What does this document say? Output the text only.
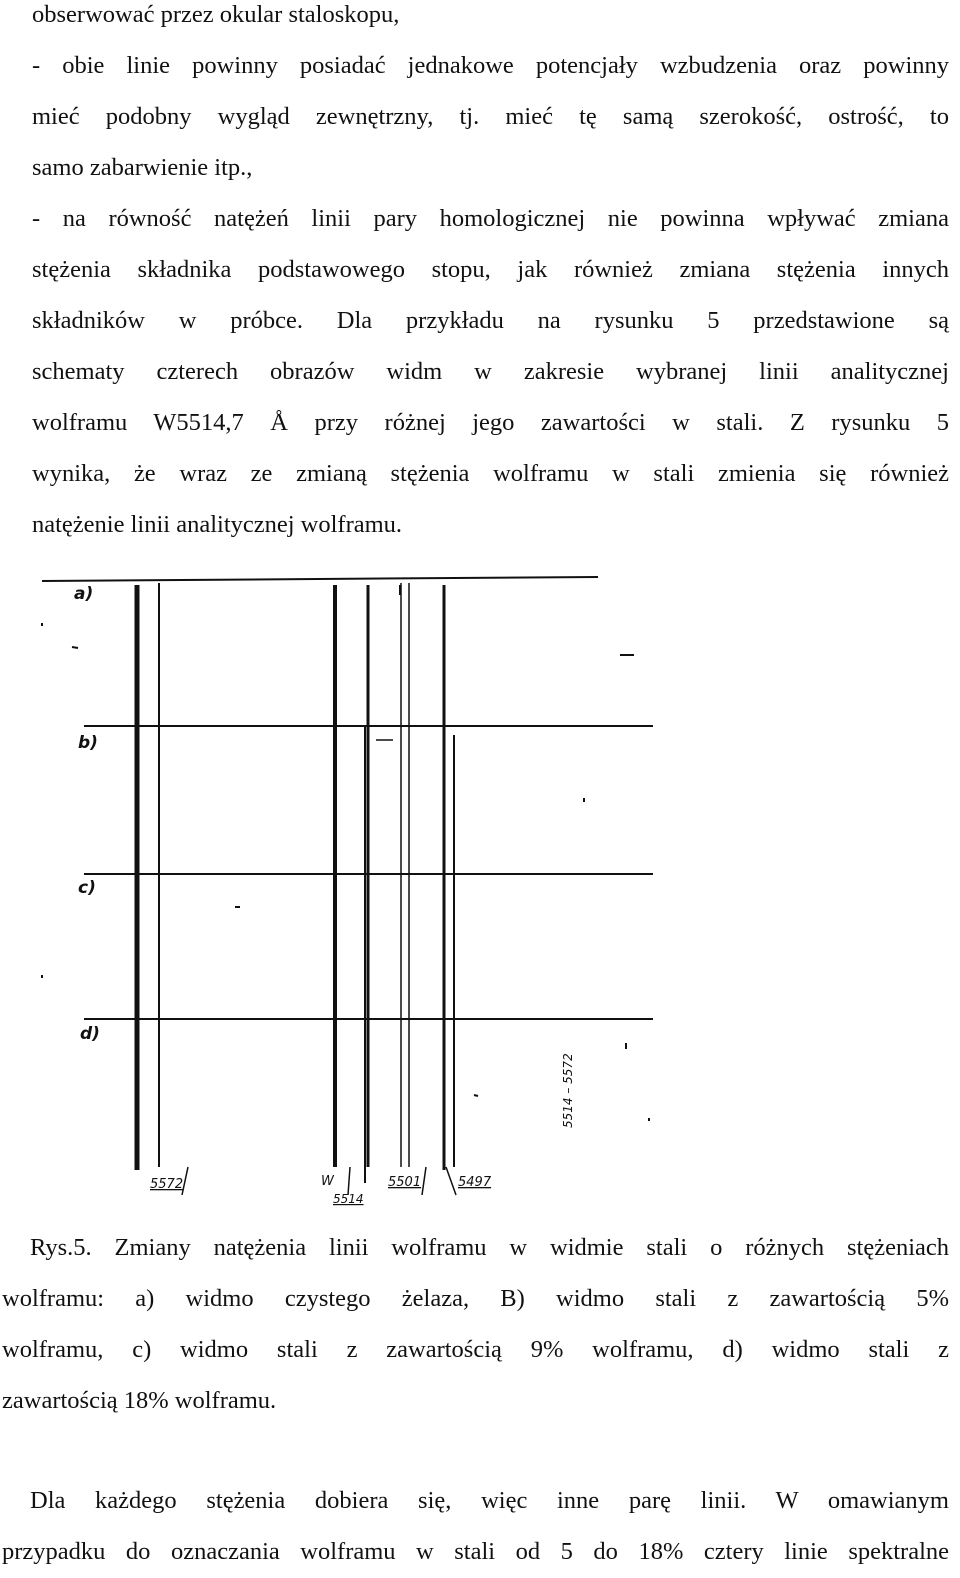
obserwować przez okular staloskopu,
- obie linie powinny posiadać jednakowe potencjały wzbudzenia oraz powinny
mieć podobny wygląd zewnętrzny, tj. mieć tę samą szerokość, ostrość, to
samo zabarwienie itp.,
- na równość natężeń linii pary homologicznej nie powinna wpływać zmiana
stężenia składnika podstawowego stopu, jak również zmiana stężenia innych
składników w próbce. Dla przykładu na rysunku 5 przedstawione są
schematy czterech obrazów widm w zakresie wybranej linii analitycznej
wolframu W5514,7 Å przy różnej jego zawartości w stali. Z rysunku 5
wynika, że wraz ze zmianą stężenia wolframu w stali zmienia się również
natężenie linii analitycznej wolframu.
a)
b)
c)
d)
5572	W
5514
5501	5497
5514 – 5572
Rys.5. Zmiany natężenia linii wolframu w widmie stali o różnych stężeniach
wolframu: a) widmo czystego żelaza, B) widmo stali z zawartością 5%
wolframu, c) widmo stali z zawartością 9% wolframu, d) widmo stali z
zawartością 18% wolframu.
Dla każdego stężenia dobiera się, więc inne parę linii. W omawianym
przypadku do oznaczania wolframu w stali od 5 do 18% cztery linie spektralne
